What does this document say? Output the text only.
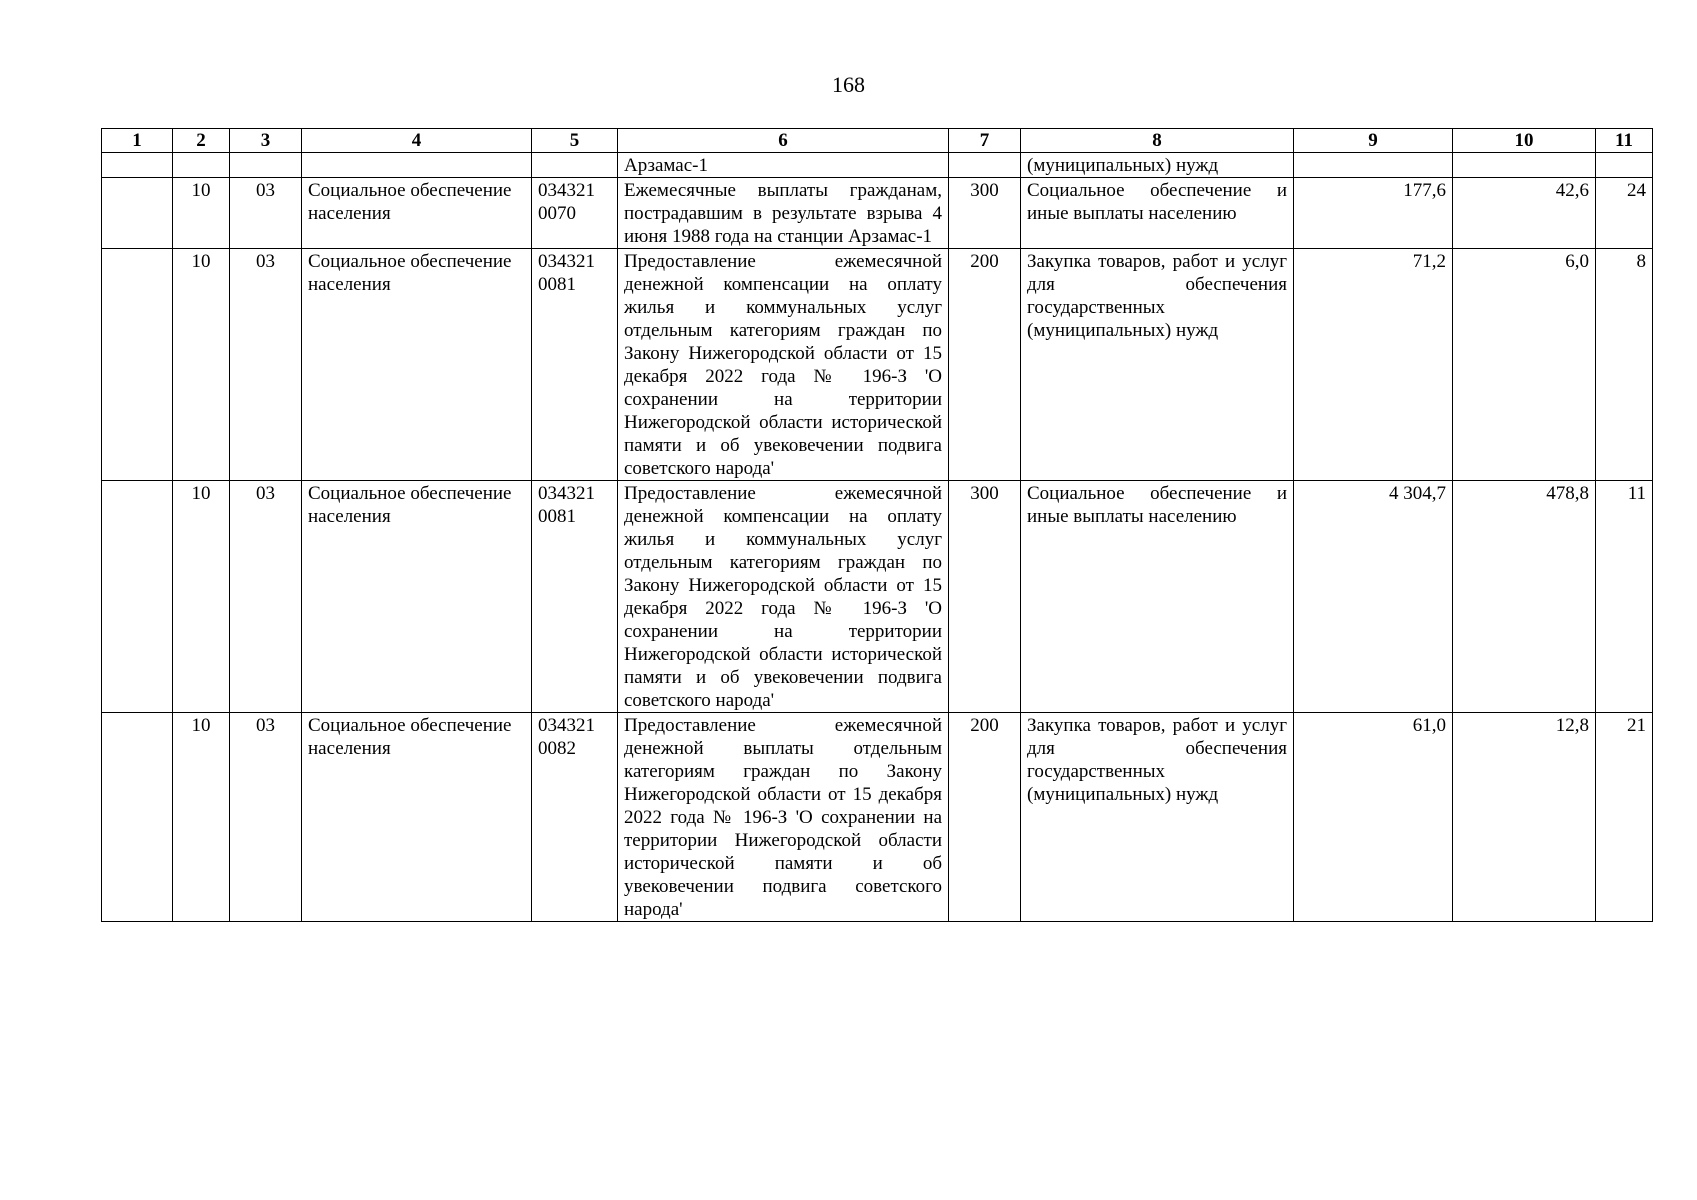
168
1	2	3	4	5	6	7	8	9	10	11
					Арзамас-1		(муниципальных) нужд			
	10	03	Социальное обеспечение населения	034321 0070	Ежемесячные выплаты гражданам, пострадавшим в результате взрыва 4 июня 1988 года на станции Арзамас-1	300	Социальное обеспечение и иные выплаты населению	177,6	42,6	24
	10	03	Социальное обеспечение населения	034321 0081	Предоставление ежемесячной денежной компенсации на оплату жилья и коммунальных услуг отдельным категориям граждан по Закону Нижегородской области от 15 декабря 2022 года № 196-З 'О сохранении на территории Нижегородской области исторической памяти и об увековечении подвига советского народа'	200	Закупка товаров, работ и услуг для обеспечения государственных (муниципальных) нужд	71,2	6,0	8
	10	03	Социальное обеспечение населения	034321 0081	Предоставление ежемесячной денежной компенсации на оплату жилья и коммунальных услуг отдельным категориям граждан по Закону Нижегородской области от 15 декабря 2022 года № 196-З 'О сохранении на территории Нижегородской области исторической памяти и об увековечении подвига советского народа'	300	Социальное обеспечение и иные выплаты населению	4 304,7	478,8	11
	10	03	Социальное обеспечение населения	034321 0082	Предоставление ежемесячной денежной выплаты отдельным категориям граждан по Закону Нижегородской области от 15 декабря 2022 года № 196-З 'О сохранении на территории Нижегородской области исторической памяти и об увековечении подвига советского народа'	200	Закупка товаров, работ и услуг для обеспечения государственных (муниципальных) нужд	61,0	12,8	21
